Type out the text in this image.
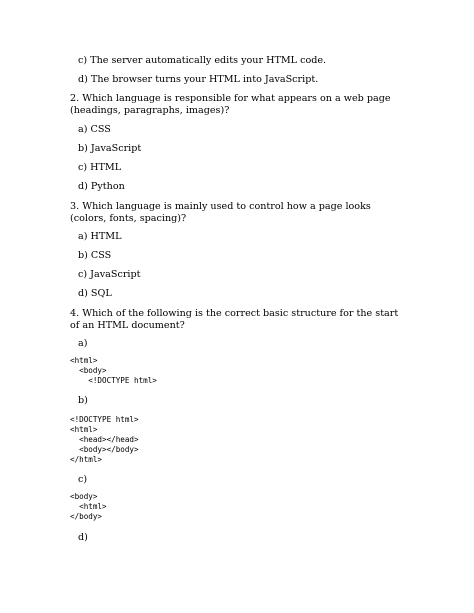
c) The server automatically edits your HTML code.

d) The browser turns your HTML into JavaScript.

2. Which language is responsible for what appears on a web page (headings, paragraphs, images)?

a) CSS

b) JavaScript

c) HTML

d) Python

3. Which language is mainly used to control how a page looks (colors, fonts, spacing)?

a) HTML

b) CSS

c) JavaScript

d) SQL

4. Which of the following is the correct basic structure for the start of an HTML document?

a)

<html>
<body>
<!DOCTYPE html>

b)

<!DOCTYPE html>
<html>
<head></head>
<body></body>
</html>

c)

<body>
<html>
</body>

d)
